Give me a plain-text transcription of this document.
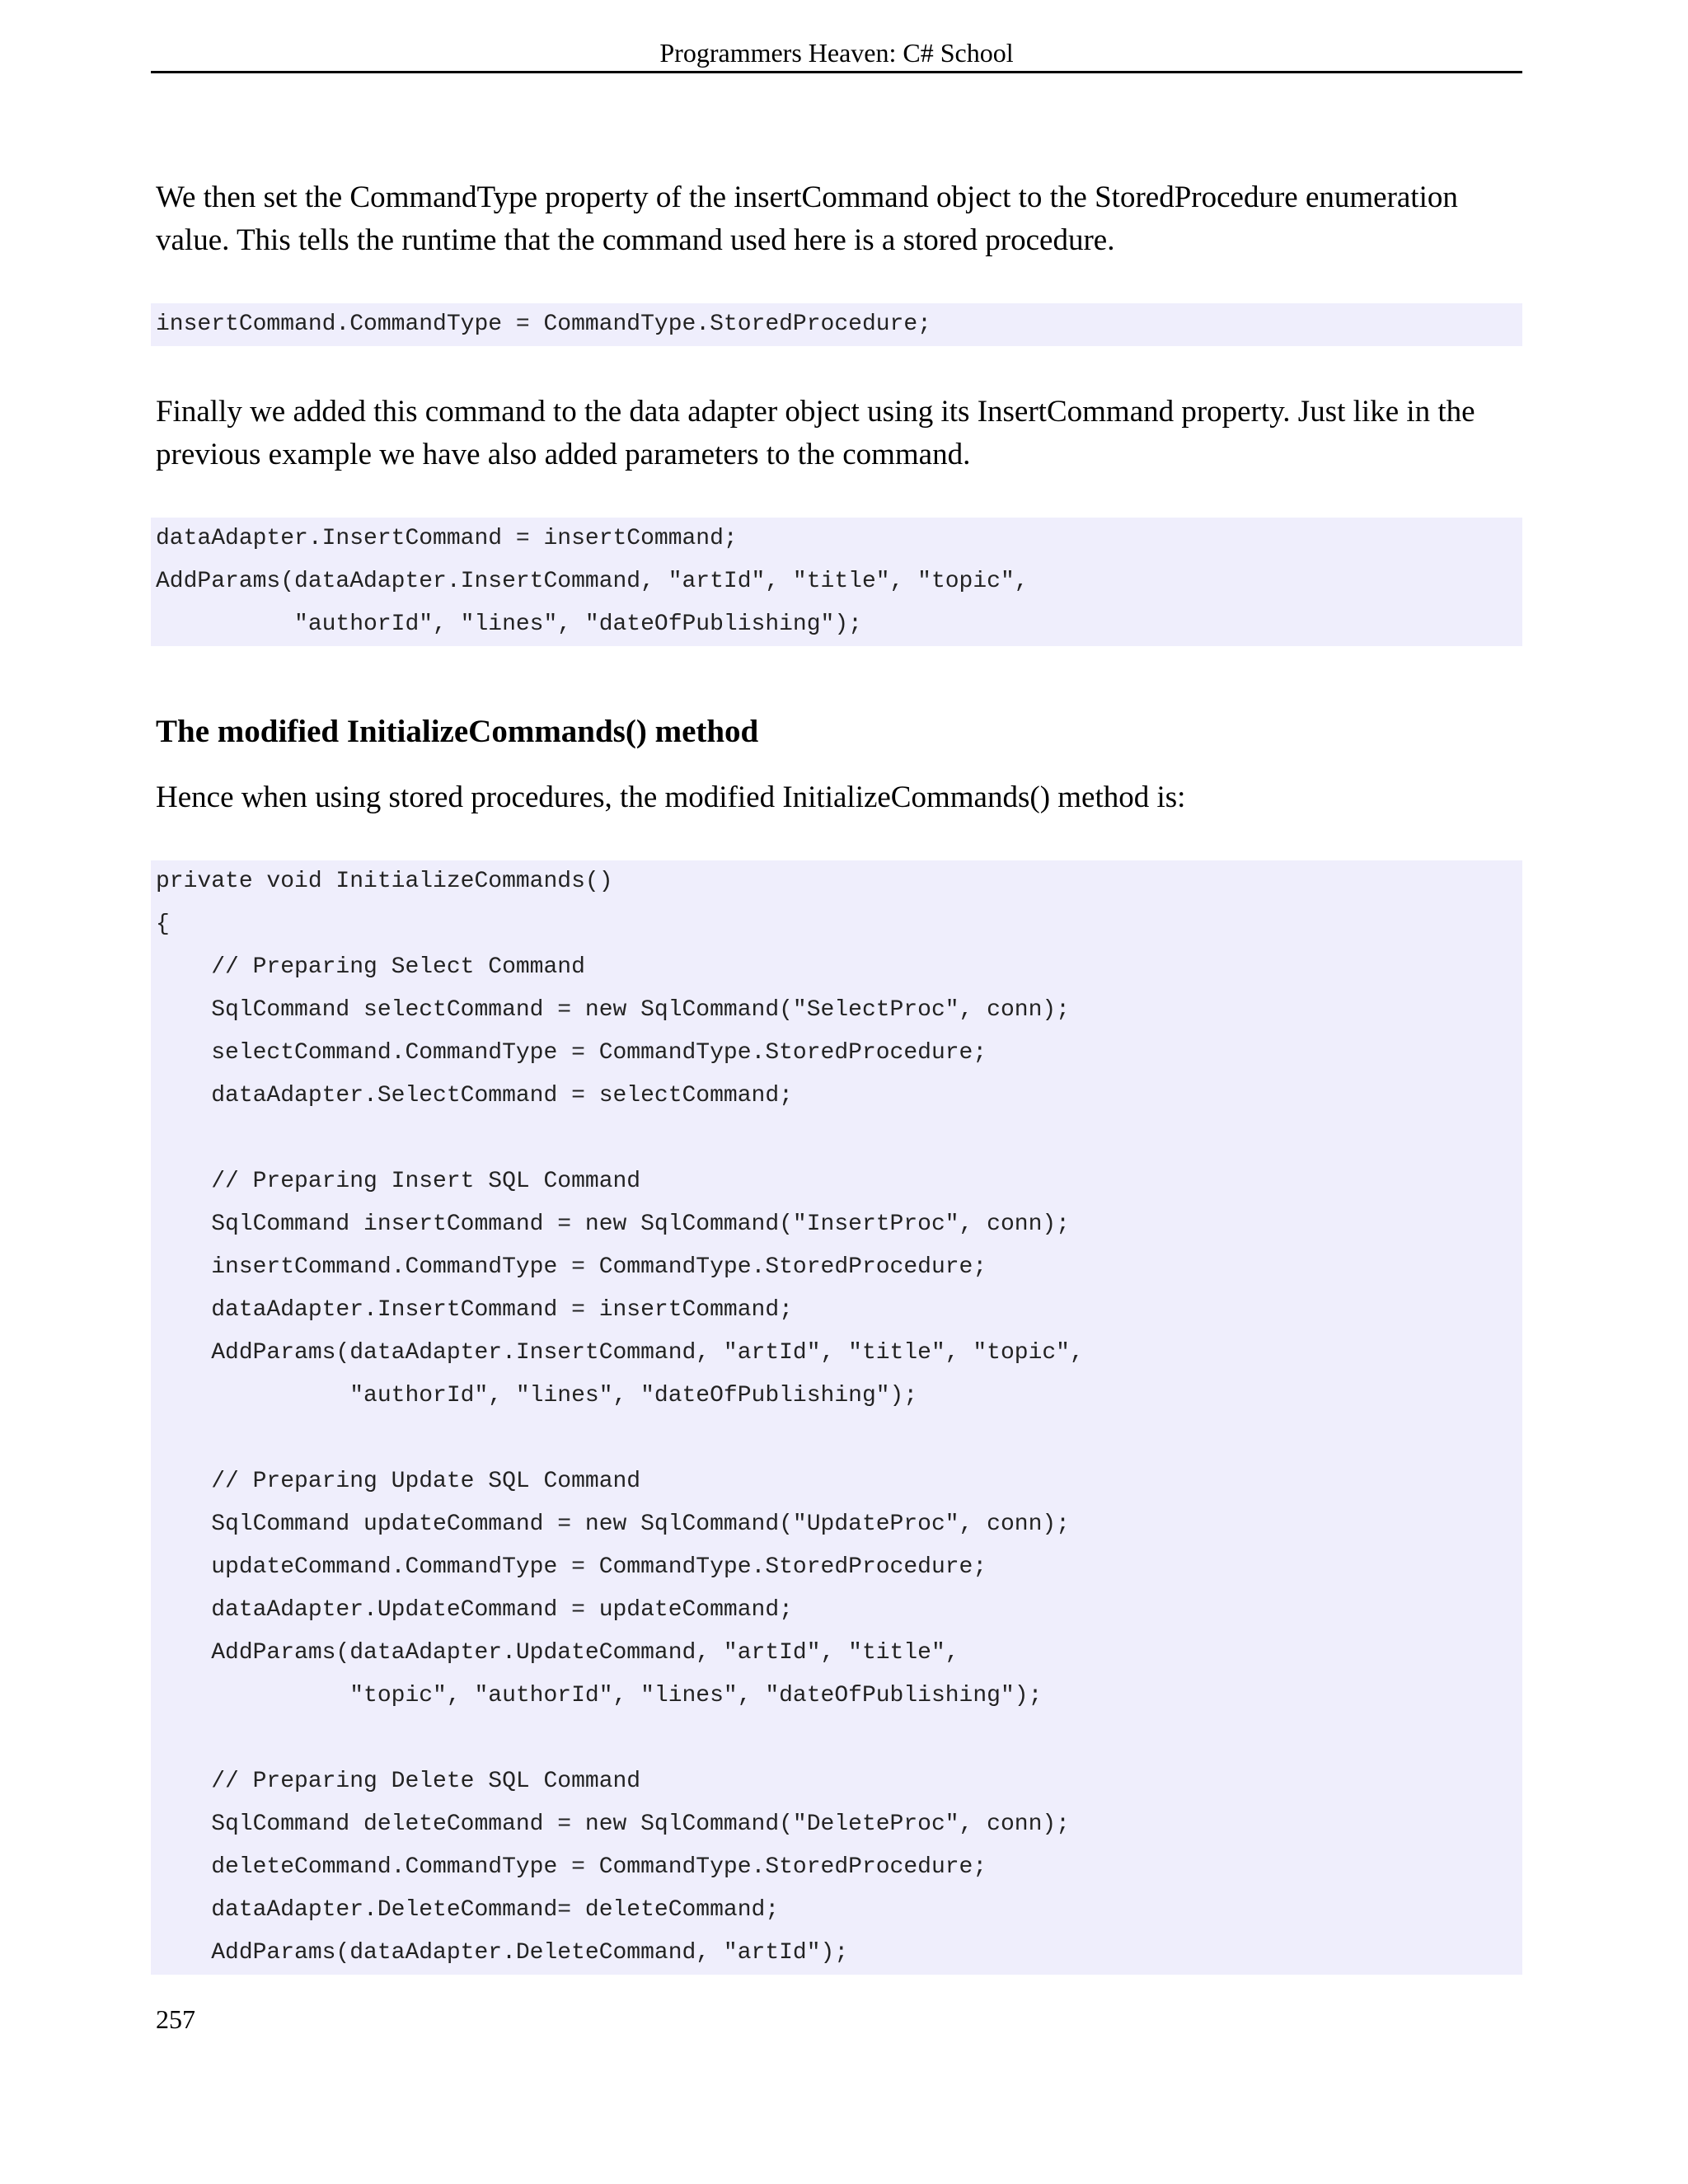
Programmers Heaven: C# School

We then set the CommandType property of the insertCommand object to the StoredProcedure enumeration value. This tells the runtime that the command used here is a stored procedure.

insertCommand.CommandType = CommandType.StoredProcedure;

Finally we added this command to the data adapter object using its InsertCommand property. Just like in the previous example we have also added parameters to the command.

dataAdapter.InsertCommand = insertCommand;
AddParams(dataAdapter.InsertCommand, "artId", "title", "topic",
"authorId", "lines", "dateOfPublishing");
The modified InitializeCommands() method

Hence when using stored procedures, the modified InitializeCommands() method is:

private void InitializeCommands()
{
// Preparing Select Command
SqlCommand selectCommand = new SqlCommand("SelectProc", conn);
selectCommand.CommandType = CommandType.StoredProcedure;
dataAdapter.SelectCommand = selectCommand;
// Preparing Insert SQL Command
SqlCommand insertCommand = new SqlCommand("InsertProc", conn);
insertCommand.CommandType = CommandType.StoredProcedure;
dataAdapter.InsertCommand = insertCommand;
AddParams(dataAdapter.InsertCommand, "artId", "title", "topic",
"authorId", "lines", "dateOfPublishing");
// Preparing Update SQL Command
SqlCommand updateCommand = new SqlCommand("UpdateProc", conn);
updateCommand.CommandType = CommandType.StoredProcedure;
dataAdapter.UpdateCommand = updateCommand;
AddParams(dataAdapter.UpdateCommand, "artId", "title",
"topic", "authorId", "lines", "dateOfPublishing");
// Preparing Delete SQL Command
SqlCommand deleteCommand = new SqlCommand("DeleteProc", conn);
deleteCommand.CommandType = CommandType.StoredProcedure;
dataAdapter.DeleteCommand= deleteCommand;
AddParams(dataAdapter.DeleteCommand, "artId");
257
